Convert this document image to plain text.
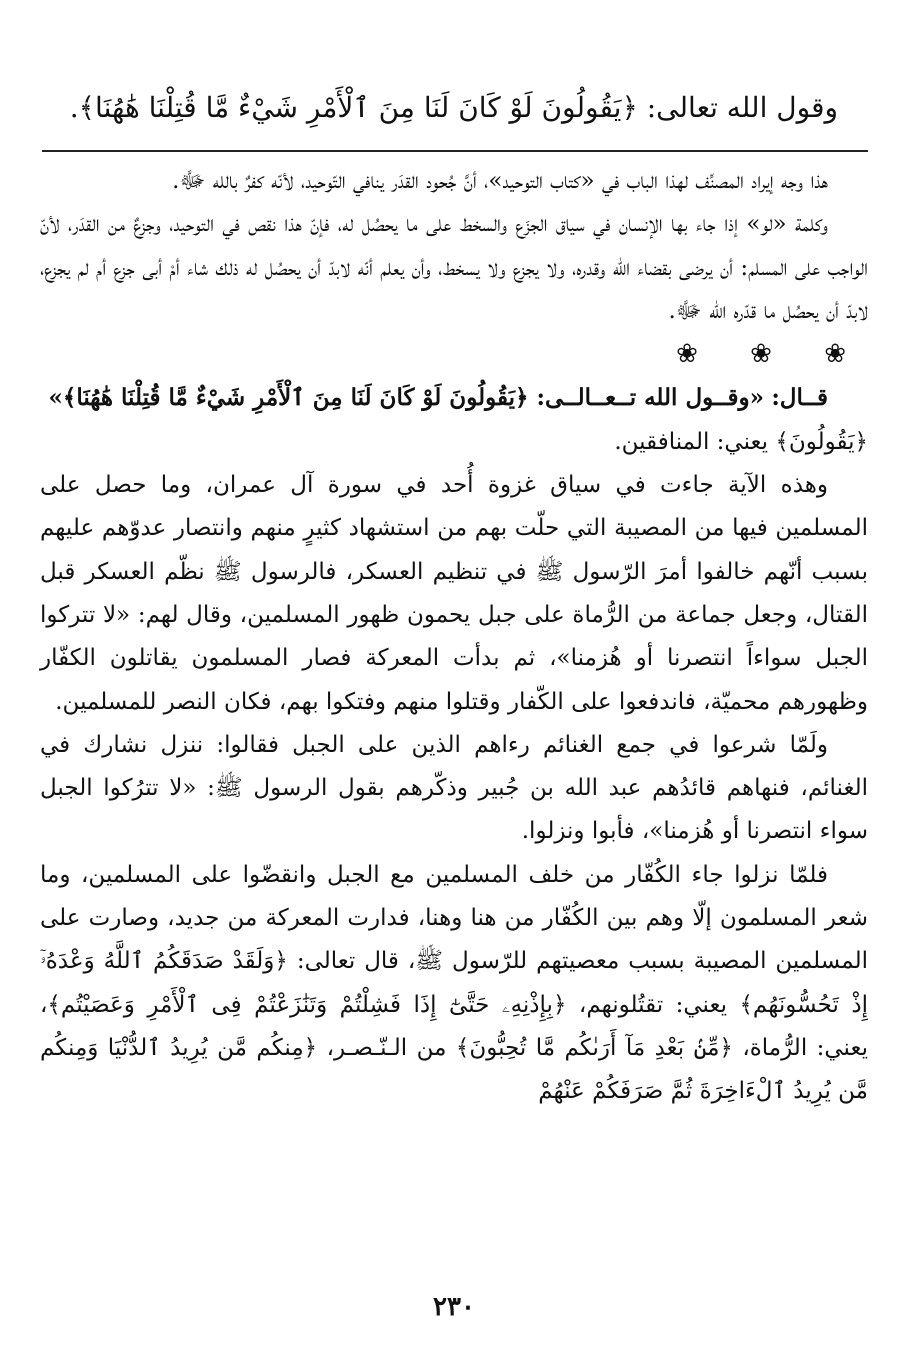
وقول الله تعالى: ﴿يَقُولُونَ لَوْ كَانَ لَنَا مِنَ ٱلْأَمْرِ شَيْءٌ مَّا قُتِلْنَا هَٰهُنَا﴾.

هذا وجه إيراد المصنِّف لهذا الباب في «كتاب التوحيد»، أنَّ جُحود القدَر ينافي التّوحيد، لأنّه كفرٌ بالله ﷻ.

وكلمة «لو» إذا جاء بها الإنسان في سياق الجزَع والسخط على ما يحصُل له، فإنّ هذا نقص في التوحيد، وجزعٌ من القدَر، لأنّ الواجب على المسلم: أن يرضى بقضاء الله وقدره، ولا يجزع ولا يسخط، وأن يعلم أنّه لابدّ أن يحصُل له ذلك شاء أمْ أبى جزع أم لم يجزع، لابدّ أن يحصُل ما قدّره الله ﷻ.

❀ ❀ ❀

قــال: «وقــول الله تــعــالــى: ﴿يَقُولُونَ لَوْ كَانَ لَنَا مِنَ ٱلْأَمْرِ شَيْءٌ مَّا قُتِلْنَا هَٰهُنَا﴾»

﴿يَقُولُونَ﴾ يعني: المنافقين.

وهذه الآية جاءت في سياق غزوة أُحد في سورة آل عمران، وما حصل على المسلمين فيها من المصيبة التي حلّت بهم من استشهاد كثيرٍ منهم وانتصار عدوّهم عليهم بسبب أنّهم خالفوا أمرَ الرّسول ﷺ في تنظيم العسكر، فالرسول ﷺ نظّم العسكر قبل القتال، وجعل جماعة من الرُّماة على جبل يحمون ظهور المسلمين، وقال لهم: «لا تتركوا الجبل سواءاً انتصرنا أو هُزمنا»، ثم بدأت المعركة فصار المسلمون يقاتلون الكفّار وظهورهم محميّة، فاندفعوا على الكّفار وقتلوا منهم وفتكوا بهم، فكان النصر للمسلمين.

ولَمّا شرعوا في جمع الغنائم رءاهم الذين على الجبل فقالوا: ننزل نشارك في الغنائم، فنهاهم قائدُهم عبد الله بن جُبير وذكّرهم بقول الرسول ﷺ: «لا تترُكوا الجبل سواء انتصرنا أو هُزمنا»، فأبوا ونزلوا.

فلمّا نزلوا جاء الكُفّار من خلف المسلمين مع الجبل وانقضّوا على المسلمين، وما شعر المسلمون إلّا وهم بين الكُفّار من هنا وهنا، فدارت المعركة من جديد، وصارت على المسلمين المصيبة بسبب معصيتهم للرّسول ﷺ، قال تعالى: ﴿وَلَقَدْ صَدَقَكُمُ ٱللَّهُ وَعْدَهُۥٓ إِذْ تَحُسُّونَهُم﴾ يعني: تقتُلونهم، ﴿بِإِذْنِهِۦ حَتَّىٰٓ إِذَا فَشِلْتُمْ وَتَنَٰزَعْتُمْ فِى ٱلْأَمْرِ وَعَصَيْتُم﴾، يعني: الرُّماة، ﴿مِّنۢ بَعْدِ مَآ أَرَىٰكُم مَّا تُحِبُّونَ﴾ من الـنّـصـر، ﴿مِنكُم مَّن يُرِيدُ ٱلدُّنْيَا وَمِنكُم مَّن يُرِيدُ ٱلْءَاخِرَةَ ثُمَّ صَرَفَكُمْ عَنْهُمْ

٢٣٠
